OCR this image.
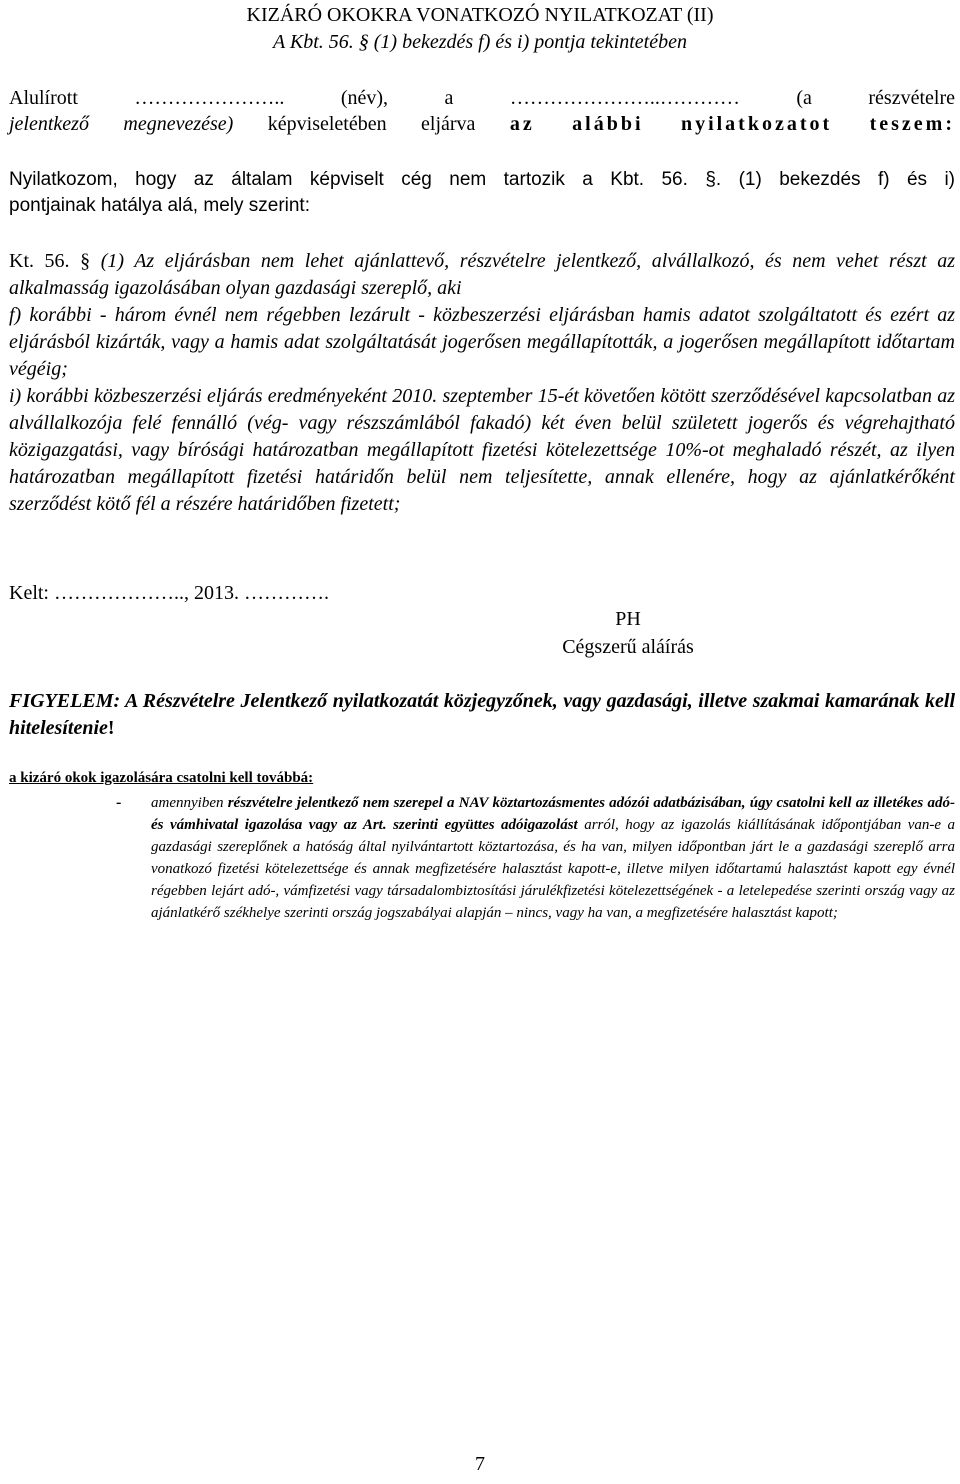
KIZÁRÓ OKOKRA VONATKOZÓ NYILATKOZAT (II)

A Kbt. 56. § (1) bekezdés f) és i) pontja tekintetében

Alulírott ………………….. (név), a …………………..………… (a részvételre

jelentkező megnevezése) képviseletében eljárva az alábbi nyilatkozatot teszem:

Nyilatkozom, hogy az általam képviselt cég nem tartozik a Kbt. 56. §. (1) bekezdés f) és i)

pontjainak hatálya alá, mely szerint:

Kt. 56. § (1) Az eljárásban nem lehet ajánlattevő, részvételre jelentkező, alvállalkozó, és nem vehet részt az alkalmasság igazolásában olyan gazdasági szereplő, aki
f) korábbi - három évnél nem régebben lezárult - közbeszerzési eljárásban hamis adatot szolgáltatott és ezért az eljárásból kizárták, vagy a hamis adat szolgáltatását jogerősen megállapították, a jogerősen megállapított időtartam végéig;
i) korábbi közbeszerzési eljárás eredményeként 2010. szeptember 15-ét követően kötött szerződésével kapcsolatban az alvállalkozója felé fennálló (vég- vagy részszámlából fakadó) két éven belül született jogerős és végrehajtható közigazgatási, vagy bírósági határozatban megállapított fizetési kötelezettsége 10%-ot meghaladó részét, az ilyen határozatban megállapított fizetési határidőn belül nem teljesítette, annak ellenére, hogy az ajánlatkérőként szerződést kötő fél a részére határidőben fizetett;

Kelt: ……………….., 2013. ………….

PH

Cégszerű aláírás

FIGYELEM: A Részvételre Jelentkező nyilatkozatát közjegyzőnek, vagy gazdasági, illetve szakmai kamarának kell hitelesítenie!

a kizáró okok igazolására csatolni kell továbbá:

- amennyiben részvételre jelentkező nem szerepel a NAV köztartozásmentes adózói adatbázisában, úgy csatolni kell az illetékes adó- és vámhivatal igazolása vagy az Art. szerinti együttes adóigazolást arról, hogy az igazolás kiállításának időpontjában van-e a gazdasági szereplőnek a hatóság által nyilvántartott köztartozása, és ha van, milyen időpontban járt le a gazdasági szereplő arra vonatkozó fizetési kötelezettsége és annak megfizetésére halasztást kapott-e, illetve milyen időtartamú halasztást kapott egy évnél régebben lejárt adó-, vámfizetési vagy társadalombiztosítási járulékfizetési kötelezettségének - a letelepedése szerinti ország vagy az ajánlatkérő székhelye szerinti ország jogszabályai alapján – nincs, vagy ha van, a megfizetésére halasztást kapott;

7
